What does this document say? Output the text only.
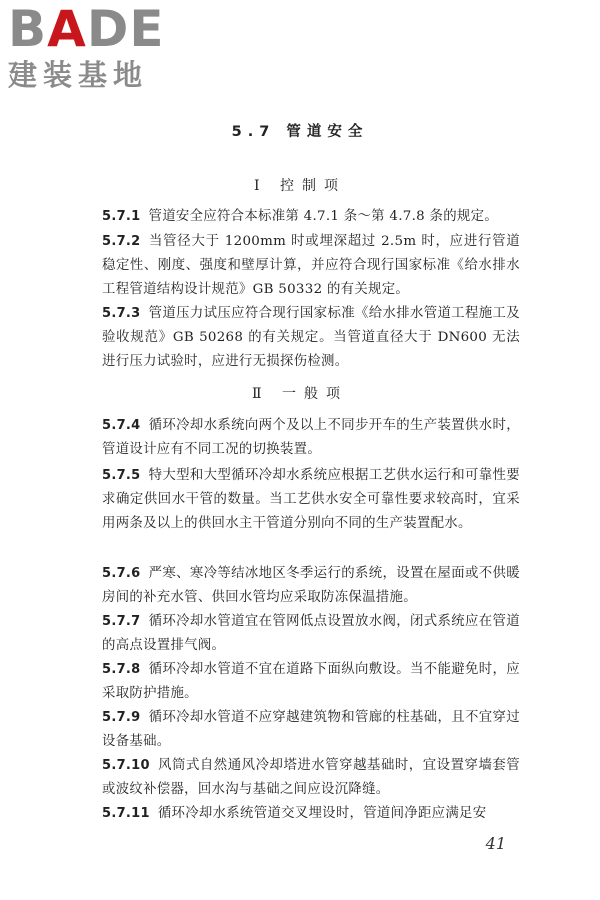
BADE
建装基地
5.7 管道安全
Ⅰ 控制项
5.7.1 管道安全应符合本标准第 4.7.1 条～第 4.7.8 条的规定。
5.7.2 当管径大于 1200mm 时或埋深超过 2.5m 时，应进行管道稳定性、刚度、强度和壁厚计算，并应符合现行国家标准《给水排水工程管道结构设计规范》GB 50332 的有关规定。
5.7.3 管道压力试压应符合现行国家标准《给水排水管道工程施工及验收规范》GB 50268 的有关规定。当管道直径大于 DN600 无法进行压力试验时，应进行无损探伤检测。
Ⅱ 一般项
5.7.4 循环冷却水系统向两个及以上不同步开车的生产装置供水时，管道设计应有不同工况的切换装置。
5.7.5 特大型和大型循环冷却水系统应根据工艺供水运行和可靠性要求确定供回水干管的数量。当工艺供水安全可靠性要求较高时，宜采用两条及以上的供回水主干管道分别向不同的生产装置配水。
5.7.6 严寒、寒冷等结冰地区冬季运行的系统，设置在屋面或不供暖房间的补充水管、供回水管均应采取防冻保温措施。
5.7.7 循环冷却水管道宜在管网低点设置放水阀，闭式系统应在管道的高点设置排气阀。
5.7.8 循环冷却水管道不宜在道路下面纵向敷设。当不能避免时，应采取防护措施。
5.7.9 循环冷却水管道不应穿越建筑物和管廊的柱基础，且不宜穿过设备基础。
5.7.10 风筒式自然通风冷却塔进水管穿越基础时，宜设置穿墙套管或波纹补偿器，回水沟与基础之间应设沉降缝。
5.7.11 循环冷却水系统管道交叉埋设时，管道间净距应满足安
41
